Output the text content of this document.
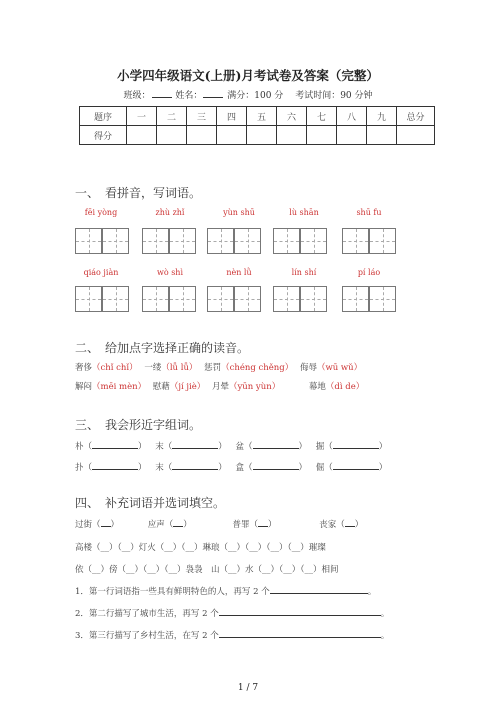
小学四年级语文(上册)月考试卷及答案（完整）
班级：	姓名：	满分：100 分　 考试时间：90 分钟
题序	一	二	三	四	五	六	七	八	九	总分
得分										
一、　看拼音，写词语。
fēi yòng	zhù zhǐ	yùn shū	lù shān	shū fu
qiáo jiàn	wò shì	nèn lǜ	lín shí	pí láo
二、　给加点字选择正确的读音。
奢侈（chǐ chǐ） 一缕（lǚ lǚ） 惩罚（chéng chěng） 侮辱（wū wǔ）
解闷（mēi mèn） 慰藉（jí jiè） 月晕（yūn yùn）	幕地（dì de）
三、　我会形近字组词。
朴（	） 末（	） 盆（	） 掘（	）
扑（	） 末（	） 盒（	） 倔（	）
四、　补充词语并选词填空。
过街（ ）	应声（ ）	普罪（ ）	丧家（ ）
高楼（__）（__）灯火（__）（__）琳琅（__）（__）（__）（__）璀璨
依（__）傍（__）（__）（__）袅袅　山（__）水（__）（__）（__）相间
1．第一行词语指一些具有鲜明特色的人，再写 2 个	。
2．第二行描写了城市生活，再写 2 个	。
3．第三行描写了乡村生活，在写 2 个	。
1 / 7
